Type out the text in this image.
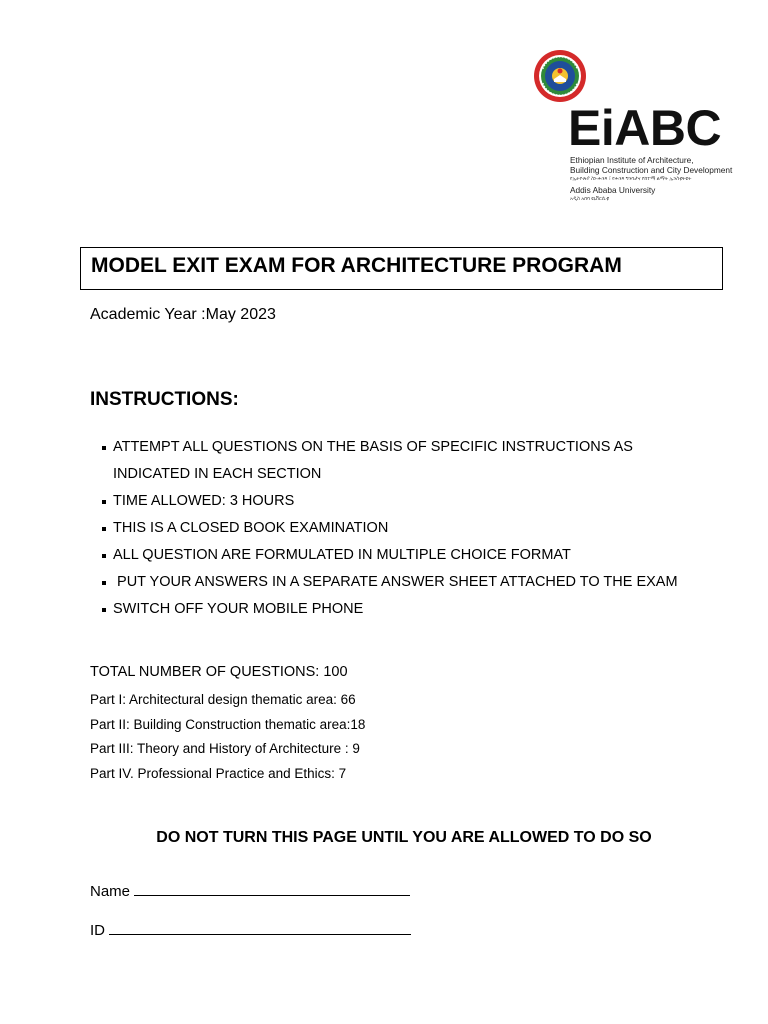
EiABC
Ethiopian Institute of Architecture,
Building Construction and City Development
የኢትዮጵያ ስነ-ሕንጻ ፣ የሕንጻ ግንባታና የከተማ ልማት ኢንስቲትዩት
Addis Ababa University
አዲስ አበባ ዩኒቨርሲቲ
MODEL EXIT EXAM FOR ARCHITECTURE PROGRAM
Academic Year :May 2023
INSTRUCTIONS:
ATTEMPT ALL QUESTIONS ON THE BASIS OF SPECIFIC INSTRUCTIONS AS INDICATED IN EACH SECTION
TIME ALLOWED: 3 HOURS
THIS IS A CLOSED BOOK EXAMINATION
ALL QUESTION ARE FORMULATED IN MULTIPLE CHOICE FORMAT
PUT YOUR ANSWERS IN A SEPARATE ANSWER SHEET ATTACHED TO THE EXAM
SWITCH OFF YOUR MOBILE PHONE
TOTAL NUMBER OF QUESTIONS: 100
Part I: Architectural design thematic area: 66
Part II: Building Construction thematic area:18
Part III: Theory and History of Architecture : 9
Part IV. Professional Practice and Ethics: 7
DO NOT TURN THIS PAGE UNTIL YOU ARE ALLOWED TO DO SO
Name
ID
